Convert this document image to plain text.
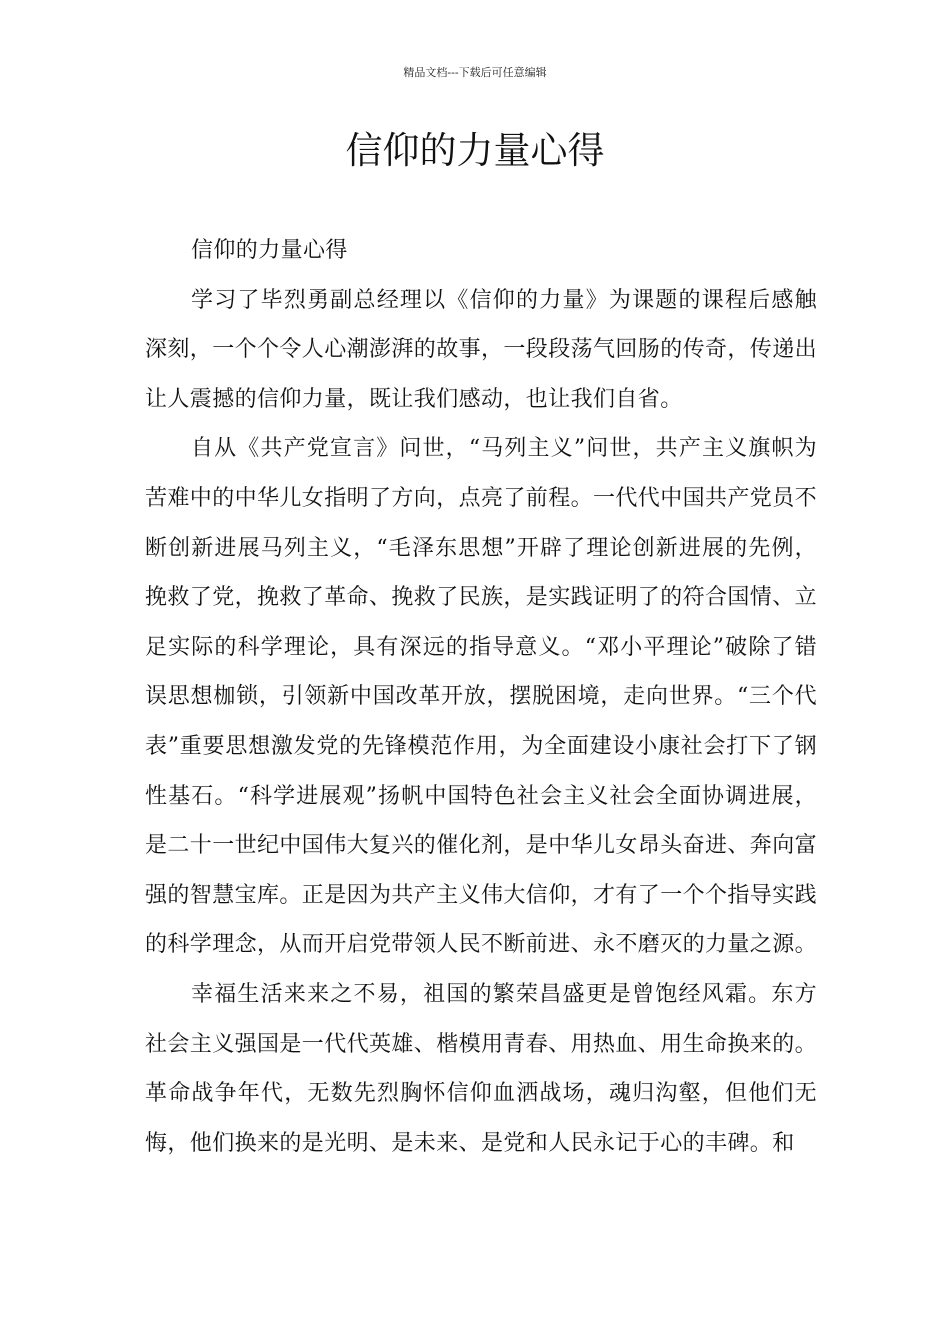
精品文档---下载后可任意编辑
信仰的力量心得

信仰的力量心得

学习了毕烈勇副总经理以《信仰的力量》为课题的课程后感触深刻，一个个令人心潮澎湃的故事，一段段荡气回肠的传奇，传递出让人震撼的信仰力量，既让我们感动，也让我们自省。

自从《共产党宣言》问世，“马列主义”问世，共产主义旗帜为苦难中的中华儿女指明了方向，点亮了前程。一代代中国共产党员不断创新进展马列主义，“毛泽东思想”开辟了理论创新进展的先例，挽救了党，挽救了革命、挽救了民族，是实践证明了的符合国情、立足实际的科学理论，具有深远的指导意义。“邓小平理论”破除了错误思想枷锁，引领新中国改革开放，摆脱困境，走向世界。“三个代表”重要思想激发党的先锋模范作用，为全面建设小康社会打下了钢性基石。“科学进展观”扬帆中国特色社会主义社会全面协调进展，是二十一世纪中国伟大复兴的催化剂，是中华儿女昂头奋进、奔向富强的智慧宝库。正是因为共产主义伟大信仰，才有了一个个指导实践的科学理念，从而开启党带领人民不断前进、永不磨灭的力量之源。

幸福生活来来之不易，祖国的繁荣昌盛更是曾饱经风霜。东方社会主义强国是一代代英雄、楷模用青春、用热血、用生命换来的。革命战争年代，无数先烈胸怀信仰血洒战场，魂归沟壑，但他们无悔，他们换来的是光明、是未来、是党和人民永记于心的丰碑。和
